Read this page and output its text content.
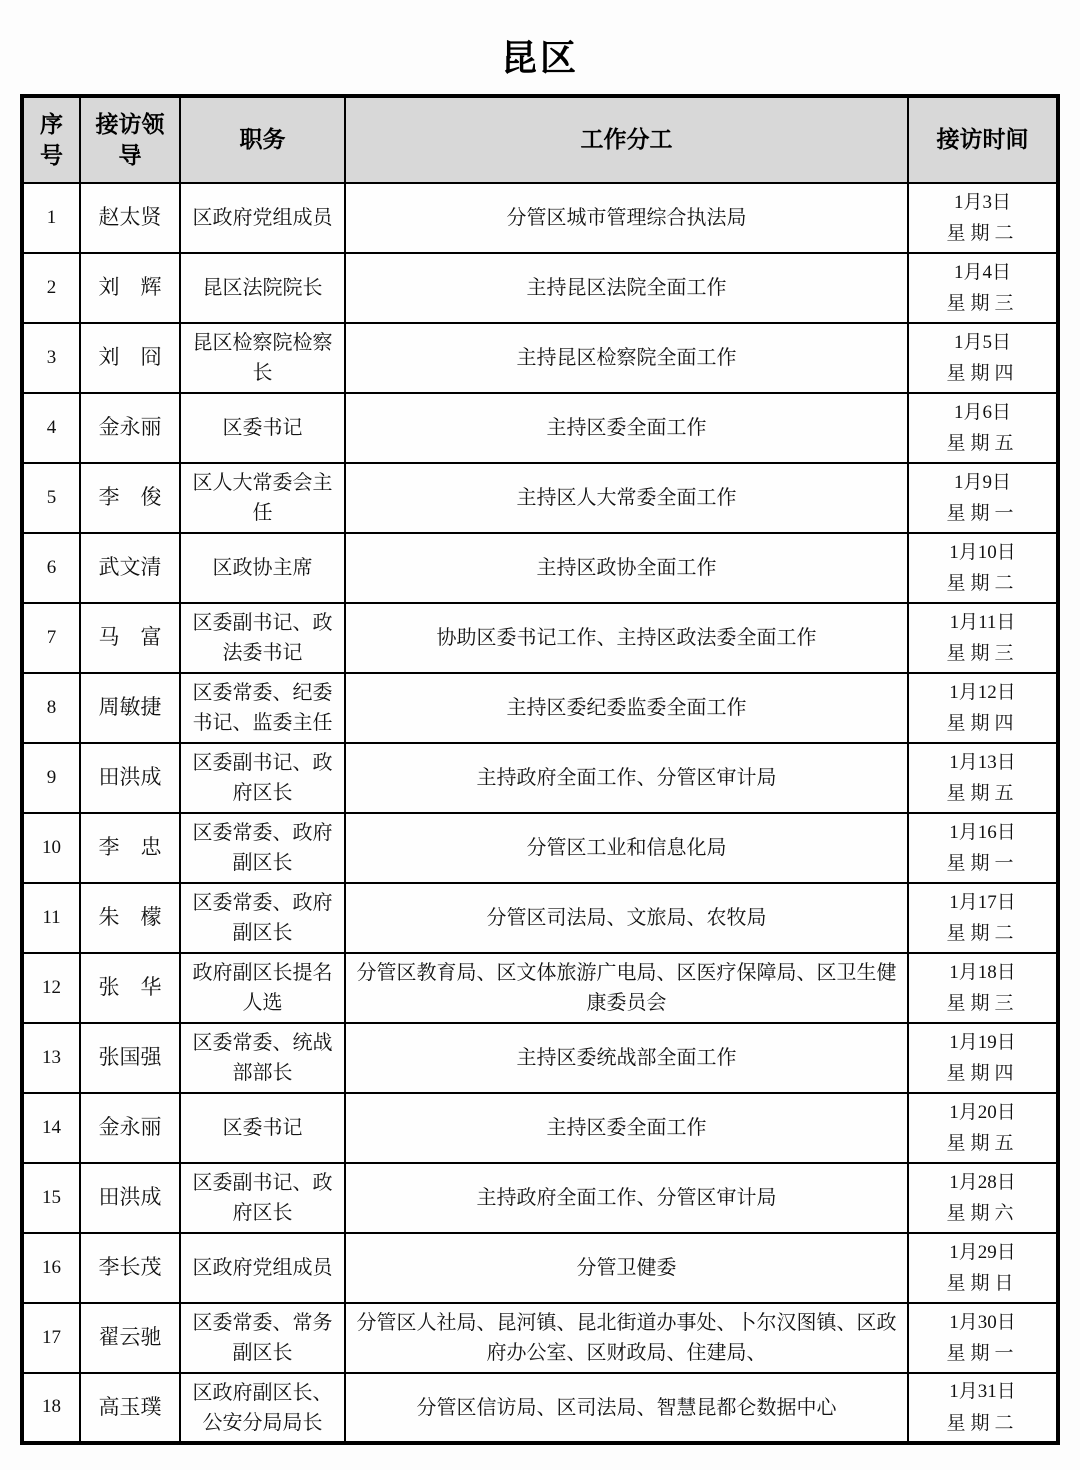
昆区
序号	接访领导	职务	工作分工	接访时间
1	赵太贤	区政府党组成员	分管区城市管理综合执法局	1月3日
星期二

2	刘　辉	昆区法院院长	主持昆区法院全面工作	1月4日
星期三

3	刘　冏	昆区检察院检察长	主持昆区检察院全面工作	1月5日
星期四

4	金永丽	区委书记	主持区委全面工作	1月6日
星期五

5	李　俊	区人大常委会主任	主持区人大常委全面工作	1月9日
星期一

6	武文清	区政协主席	主持区政协全面工作	1月10日
星期二

7	马　富	区委副书记、政法委书记	协助区委书记工作、主持区政法委全面工作	1月11日
星期三

8	周敏捷	区委常委、纪委书记、监委主任	主持区委纪委监委全面工作	1月12日
星期四

9	田洪成	区委副书记、政府区长	主持政府全面工作、分管区审计局	1月13日
星期五

10	李　忠	区委常委、政府副区长	分管区工业和信息化局	1月16日
星期一

11	朱　檬	区委常委、政府副区长	分管区司法局、文旅局、农牧局	1月17日
星期二

12	张　华	政府副区长提名人选	分管区教育局、区文体旅游广电局、区医疗保障局、区卫生健康委员会	1月18日
星期三

13	张国强	区委常委、统战部部长	主持区委统战部全面工作	1月19日
星期四

14	金永丽	区委书记	主持区委全面工作	1月20日
星期五

15	田洪成	区委副书记、政府区长	主持政府全面工作、分管区审计局	1月28日
星期六

16	李长茂	区政府党组成员	分管卫健委	1月29日
星期日

17	翟云驰	区委常委、常务副区长	分管区人社局、昆河镇、昆北街道办事处、卜尔汉图镇、区政府办公室、区财政局、住建局、	1月30日
星期一

18	高玉璞	区政府副区长、公安分局局长	分管区信访局、区司法局、智慧昆都仑数据中心	1月31日
星期二
